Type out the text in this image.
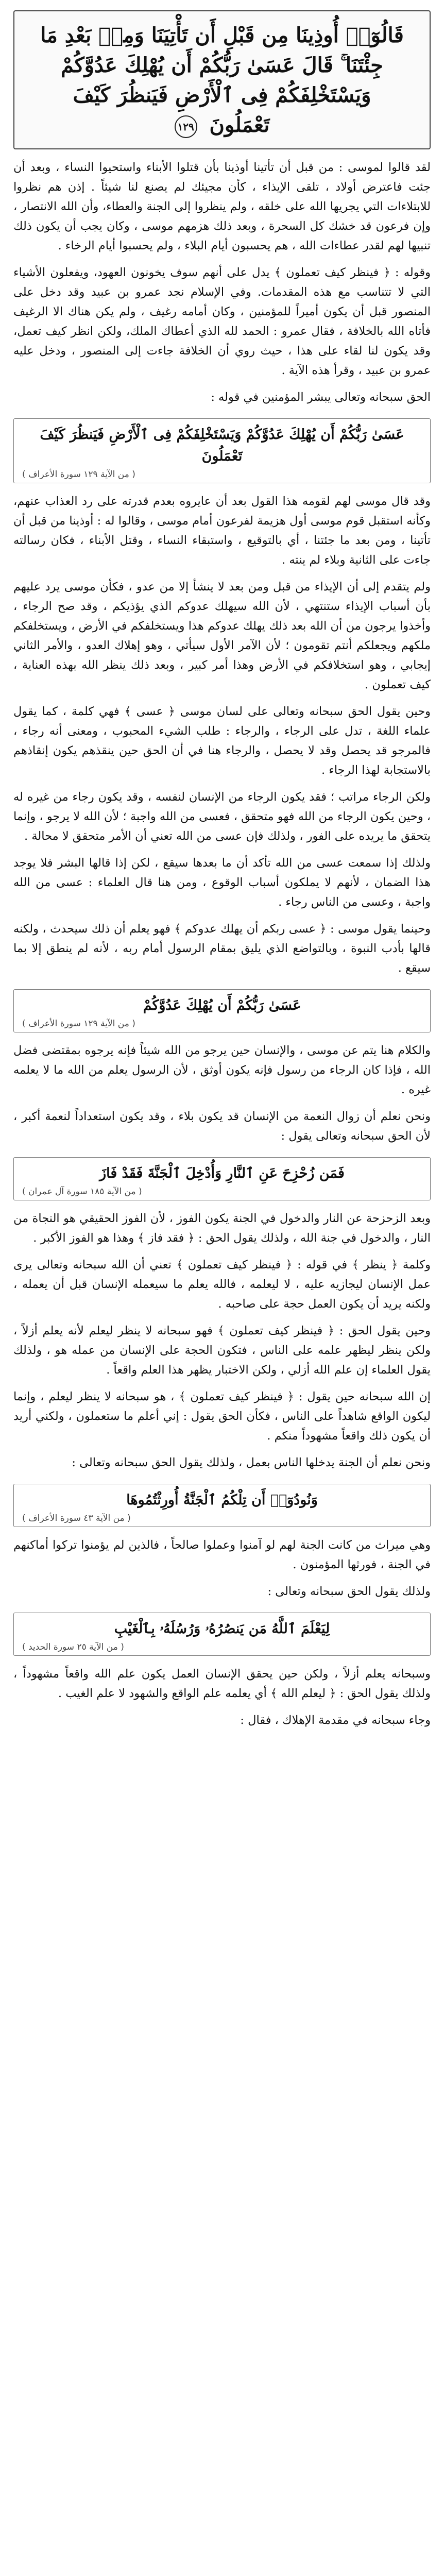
قَالُوٓا۟ أُوذِينَا مِن قَبْلِ أَن تَأْتِيَنَا وَمِنۢ بَعْدِ مَا
جِئْتَنَا ۚ قَالَ عَسَىٰ رَبُّكُمْ أَن يُهْلِكَ عَدُوَّكُمْ
وَيَسْتَخْلِفَكُمْ فِى ٱلْأَرْضِ فَيَنظُرَ كَيْفَ
تَعْمَلُونَ ١٢٩

لقد قالوا لموسى : من قبل أن تأتينا أوذينا بأن قتلوا الأبناء واستحيوا النساء ، وبعد أن جئت فاعترض أولاد ، تلقى الإيذاء ، كأن مجيئك لم يصنع لنا شيئاً . إذن هم نظروا للابتلاءات التي يجريها الله على خلقه ، ولم ينظروا إلى الجنة والعطاء، وأن الله الانتصار ، وإن فرعون قد خشك كل السحرة ، وبعد ذلك هزمهم موسى ، وكان يجب أن يكون ذلك تنبيها لهم لقدر عطاءات الله ، هم يحسبون أيام البلاء ، ولم يحسبوا أيام الرخاء .

وقوله : ﴿ فينظر كيف تعملون ﴾ يدل على أنهم سوف يخونون العهود، ويفعلون الأشياء التي لا تتناسب مع هذه المقدمات. وفي الإسلام نجد عمرو بن عبيد وقد دخل على المنصور قبل أن يكون أميراً للمؤمنين ، وكان أمامه رغيف ، ولم يكن هناك الا الرغيف فأتاه الله بالخلافة ، فقال عمرو : الحمد لله الذي أعطاك الملك، ولكن انظر كيف تعمل، وقد يكون لنا لقاء على هذا ، حيث روي أن الخلافة جاءت إلى المنصور ، ودخل عليه عمرو بن عبيد ، وقرأ هذه الآية .

الحق سبحانه وتعالى يبشر المؤمنين في قوله :

عَسَىٰ رَبُّكُمْ أَن يُهْلِكَ عَدُوَّكُمْ وَيَسْتَخْلِفَكُمْ فِى ٱلْأَرْضِ فَيَنظُرَ كَيْفَ تَعْمَلُونَ
( من الآية ١٢٩ سورة الأعراف )

وقد قال موسى لهم لقومه هذا القول بعد أن عايروه بعدم قدرته على رد العذاب عنهم، وكأنه استقبل قوم موسى أول هزيمة لفرعون أمام موسى ، وقالوا له : أوذينا من قبل أن تأتينا ، ومن بعد ما جئتنا ، أي بالتوقيع ، واستبقاء النساء ، وقتل الأبناء ، فكان رسالته جاءت على الثانية وبلاء لم ينته .

ولم يتقدم إلى أن الإيذاء من قبل ومن بعد لا ينشأ إلا من عدو ، فكأن موسى يرد عليهم بأن أسباب الإيذاء ستنتهي ، لأن الله سيهلك عدوكم الذي يؤذيكم ، وقد صح الرجاء ، وأخذوا يرجون من أن الله بعد ذلك يهلك عدوكم هذا ويستخلفكم في الأرض ، ويستخلفكم ملكهم ويجعلكم أنتم تقومون ؛ لأن الآمر الأول سيأتي ، وهو إهلاك العدو ، والأمر الثاني إيجابي ، وهو استخلافكم في الأرض وهذا أمر كبير ، وبعد ذلك ينظر الله بهذه العناية ، كيف تعملون .

وحين يقول الحق سبحانه وتعالى على لسان موسى ﴿ عسى ﴾ فهي كلمة ، كما يقول علماء اللغة ، تدل على الرجاء ، والرجاء : طلب الشيء المحبوب ، ومعنى أنه رجاء ، فالمرجو قد يحصل وقد لا يحصل ، والرجاء هنا في أن الحق حين ينقذهم يكون إنقاذهم بالاستجابة لهذا الرجاء .

ولكن الرجاء مراتب ؛ فقد يكون الرجاء من الإنسان لنفسه ، وقد يكون رجاء من غيره له ، وحين يكون الرجاء من الله فهو متحقق ، فعسى من الله واجبة ؛ لأن الله لا يرجو ، وإنما يتحقق ما يريده على الفور ، ولذلك فإن عسى من الله تعني أن الأمر متحقق لا محالة .

ولذلك إذا سمعت عسى من الله تأكد أن ما بعدها سيقع ، لكن إذا قالها البشر فلا يوجد هذا الضمان ، لأنهم لا يملكون أسباب الوقوع ، ومن هنا قال العلماء : عسى من الله واجبة ، وعسى من الناس رجاء .

وحينما يقول موسى : ﴿ عسى ربكم أن يهلك عدوكم ﴾ فهو يعلم أن ذلك سيحدث ، ولكنه قالها بأدب النبوة ، وبالتواضع الذي يليق بمقام الرسول أمام ربه ، لأنه لم ينطق إلا بما سيقع .

عَسَىٰ رَبُّكُمْ أَن يُهْلِكَ عَدُوَّكُمْ
( من الآية ١٢٩ سورة الأعراف )

والكلام هنا يتم عن موسى ، والإنسان حين يرجو من الله شيئاً فإنه يرجوه بمقتضى فضل الله ، فإذا كان الرجاء من رسول فإنه يكون أوثق ، لأن الرسول يعلم من الله ما لا يعلمه غيره .

ونحن نعلم أن زوال النعمة من الإنسان قد يكون بلاء ، وقد يكون استعداداً لنعمة أكبر ، لأن الحق سبحانه وتعالى يقول :

فَمَن زُحْزِحَ عَنِ ٱلنَّارِ وَأُدْخِلَ ٱلْجَنَّةَ فَقَدْ فَازَ
( من الآية ١٨٥ سورة آل عمران )

وبعد الزحزحة عن النار والدخول في الجنة يكون الفوز ، لأن الفوز الحقيقي هو النجاة من النار ، والدخول في جنة الله ، ولذلك يقول الحق : ﴿ فقد فاز ﴾ وهذا هو الفوز الأكبر .

وكلمة ﴿ ينظر ﴾ في قوله : ﴿ فينظر كيف تعملون ﴾ تعني أن الله سبحانه وتعالى يرى عمل الإنسان ليجازيه عليه ، لا ليعلمه ، فالله يعلم ما سيعمله الإنسان قبل أن يعمله ، ولكنه يريد أن يكون العمل حجة على صاحبه .

وحين يقول الحق : ﴿ فينظر كيف تعملون ﴾ فهو سبحانه لا ينظر ليعلم لأنه يعلم أزلاً ، ولكن ينظر ليظهر علمه على الناس ، فتكون الحجة على الإنسان من عمله هو ، ولذلك يقول العلماء إن علم الله أزلي ، ولكن الاختبار يظهر هذا العلم واقعاً .

إن الله سبحانه حين يقول : ﴿ فينظر كيف تعملون ﴾ ، هو سبحانه لا ينظر ليعلم ، وإنما ليكون الواقع شاهداً على الناس ، فكأن الحق يقول : إني أعلم ما ستعملون ، ولكني أريد أن يكون ذلك واقعاً مشهوداً منكم .

ونحن نعلم أن الجنة يدخلها الناس بعمل ، ولذلك يقول الحق سبحانه وتعالى :

وَنُودُوٓا۟ أَن تِلْكُمُ ٱلْجَنَّةُ أُورِثْتُمُوهَا
( من الآية ٤٣ سورة الأعراف )

وهي ميراث من كانت الجنة لهم لو آمنوا وعملوا صالحاً ، فالذين لم يؤمنوا تركوا أماكنهم في الجنة ، فورثها المؤمنون .

ولذلك يقول الحق سبحانه وتعالى :

لِيَعْلَمَ ٱللَّهُ مَن يَنصُرُهُۥ وَرُسُلَهُۥ بِٱلْغَيْبِ
( من الآية ٢٥ سورة الحديد )

وسبحانه يعلم أزلاً ، ولكن حين يحقق الإنسان العمل يكون علم الله واقعاً مشهوداً ، ولذلك يقول الحق : ﴿ ليعلم الله ﴾ أي يعلمه علم الواقع والشهود لا علم الغيب .

وجاء سبحانه في مقدمة الإهلاك ، فقال :
